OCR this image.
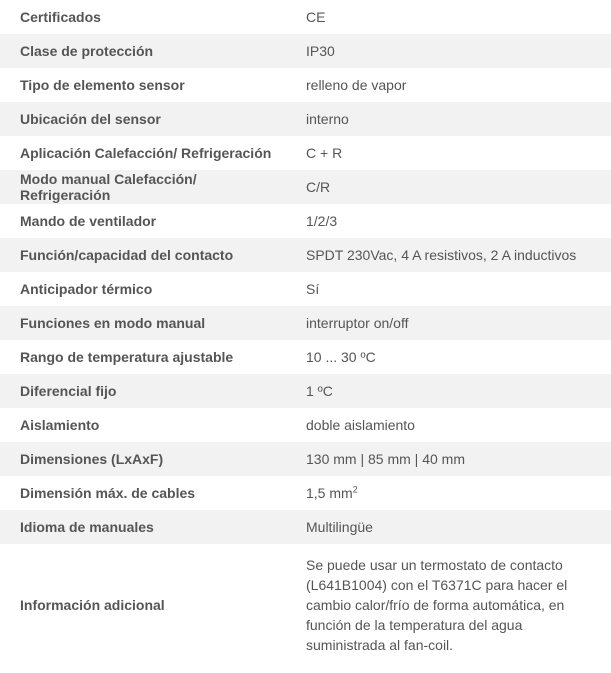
Certificados	CE
Clase de protección	IP30
Tipo de elemento sensor	relleno de vapor
Ubicación del sensor	interno
Aplicación Calefacción/ Refrigeración	C + R
Modo manual Calefacción/ Refrigeración	C/R
Mando de ventilador	1/2/3
Función/capacidad del contacto	SPDT 230Vac, 4 A resistivos, 2 A inductivos
Anticipador térmico	Sí
Funciones en modo manual	interruptor on/off
Rango de temperatura ajustable	10 ... 30 ºC
Diferencial fijo	1 ºC
Aislamiento	doble aislamiento
Dimensiones (LxAxF)	130 mm | 85 mm | 40 mm
Dimensión máx. de cables	1,5 $mm^2$
Idioma de manuales	Multilingüe
Información adicional	Se puede usar un termostato de contacto (L641B1004) con el T6371C para hacer el cambio calor/frío de forma automática, en función de la temperatura del agua suministrada al fan-coil.
